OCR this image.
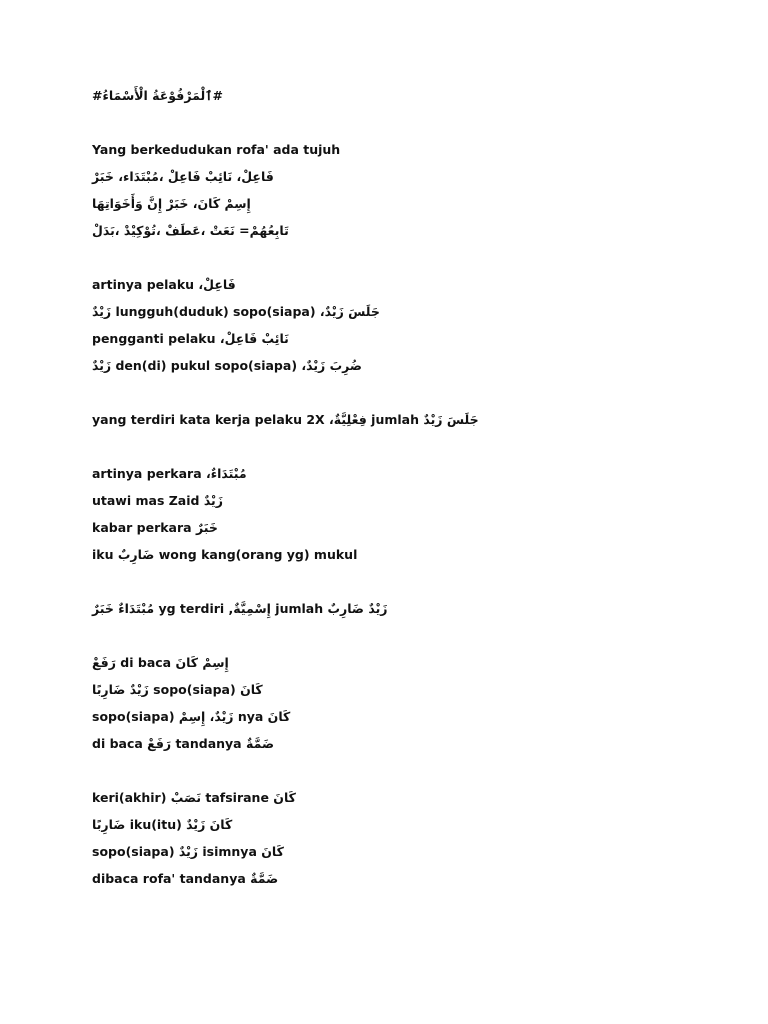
#ٱلْمَرْفُوْعَةُ الْأَسْمَاءُ#
Yang berkedudukan rofa' ada tujuh
فَاعِلْ، نَائِبْ فَاعِلْ ،مُبْتَدَاء، خَبَرْ
إِسِمْ كَانَ، خَبَرْ إِنَّ وَأَخَوَاتِهَا
تَابِعُهُمْ= نَعَتْ ،عَطَفْ ،تُوْكِيْدْ ،بَدَلْ
فَاعِلْ، artinya pelaku
جَلَسَ زَيْدٌ، lungguh(duduk) sopo(siapa) زَيْدٌ
نَائِبْ فَاعِلْ، pengganti pelaku
ضُرِبَ زَيْدٌ، den(di) pukul sopo(siapa) زَيْدٌ
جَلَسَ زَيْدٌ jumlah فِعْلِيَّةٌ، yang terdiri kata kerja pelaku 2X
مُبْتَدَاءٌ، artinya perkara
زَيْدٌ utawi mas Zaid
خَبَرٌ kabar perkara
iku ضَارِبٌ wong kang(orang yg) mukul
زَيْدٌ ضَارِبٌ jumlah إِسْمِيَّةٌ, yg terdiri مُبْتَدَاءٌ خَبَرٌ
إِسِمْ كَانَ di baca رَفَعْ
كَانَ sopo(siapa) زَيْدٌ ضَارِبًا
sopo(siapa) زَيْدٌ، إِسِمْ nya كَانَ
di baca رَفَعْ tandanya ضَمَّةٌ
keri(akhir) نَصَبْ tafsirane كَانَ
كَانَ زَيْدٌ iku(itu) ضَارِبًا
sopo(siapa) زَيْدٌ isimnya كَانَ
dibaca rofa' tandanya ضَمَّةٌ
